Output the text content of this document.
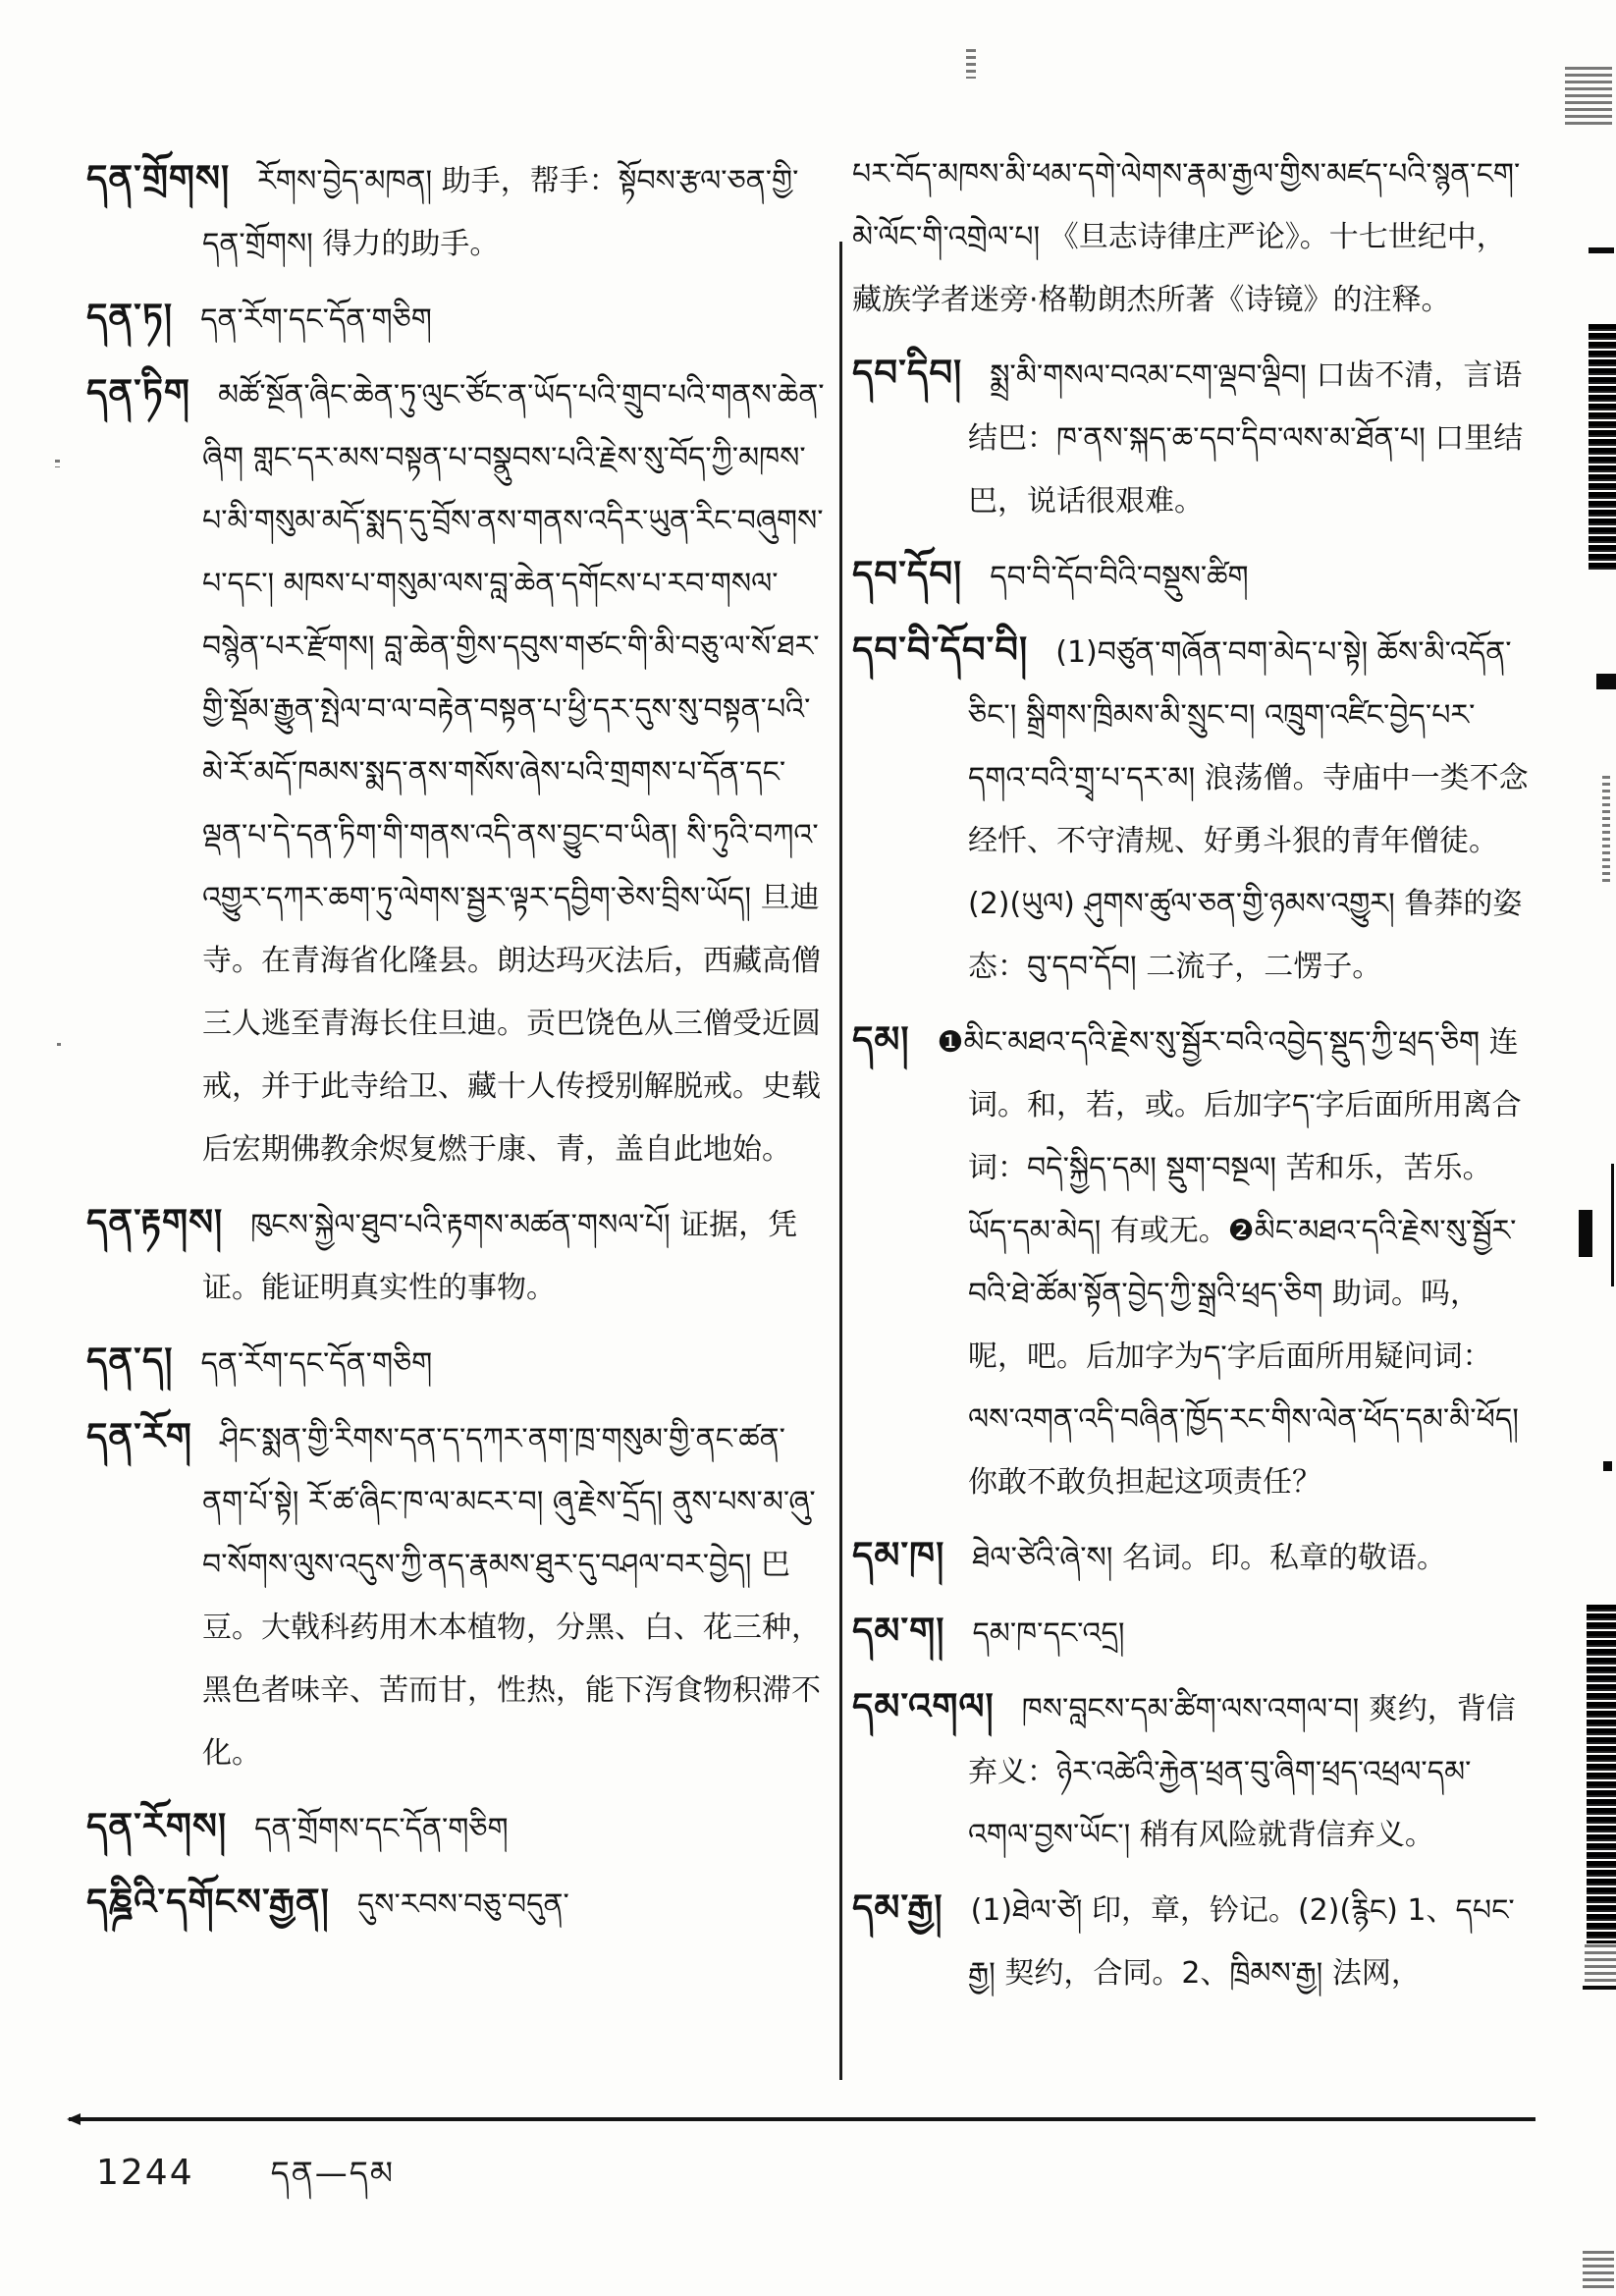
དན་གྲོགས། རོགས་བྱེད་མཁན། 助手，帮手：སྟོབས་རྩལ་ཅན་གྱི་དན་གྲོགས། 得力的助手。

དན་ཏ། དན་རོག་དང་དོན་གཅིག

དན་ཏིག མཚོ་སྔོན་ཞིང་ཆེན་ཏུ་ལུང་ཙོང་ན་ཡོད་པའི་གྲུབ་པའི་གནས་ཆེན་ཞིག གླང་དར་མས་བསྟན་པ་བསྣུབས་པའི་རྗེས་སུ་བོད་ཀྱི་མཁས་པ་མི་གསུམ་མདོ་སྨད་དུ་བྲོས་ནས་གནས་འདིར་ཡུན་རིང་བཞུགས་པ་དང་། མཁས་པ་གསུམ་ལས་བླ་ཆེན་དགོངས་པ་རབ་གསལ་བསྙེན་པར་རྫོགས། བླ་ཆེན་གྱིས་དབུས་གཙང་གི་མི་བཅུ་ལ་སོ་ཐར་གྱི་སྡོམ་རྒྱུན་སྤེལ་བ་ལ་བརྟེན་བསྟན་པ་ཕྱི་དར་དུས་སུ་བསྟན་པའི་མེ་རོ་མདོ་ཁམས་སྨད་ནས་གསོས་ཞེས་པའི་གྲགས་པ་དོན་དང་ལྡན་པ་དེ་དན་ཏིག་གི་གནས་འདི་ནས་བྱུང་བ་ཡིན། སི་ཏུའི་བཀའ་འགྱུར་དཀར་ཆག་ཏུ་ལེགས་སྦྱར་ལྟར་དབྱིག་ཅེས་བྲིས་ཡོད། 旦迪寺。在青海省化隆县。朗达玛灭法后，西藏高僧三人逃至青海长住旦迪。贡巴饶色从三僧受近圆戒，并于此寺给卫、藏十人传授别解脱戒。史载后宏期佛教余烬复燃于康、青，盖自此地始。

དན་རྟགས། ཁུངས་སྐྱེལ་ཐུབ་པའི་རྟགས་མཚན་གསལ་པོ། 证据，凭证。能证明真实性的事物。

དན་ད། དན་རོག་དང་དོན་གཅིག

དན་རོག ཤིང་སྨན་གྱི་རིགས་དན་ད་དཀར་ནག་ཁྲ་གསུམ་གྱི་ནང་ཚན་ནག་པོ་སྟེ། རོ་ཚ་ཞིང་ཁ་ལ་མངར་བ། ཞུ་རྗེས་དྲོད། ནུས་པས་མ་ཞུ་བ་སོགས་ལུས་འདུས་ཀྱི་ནད་རྣམས་ཐུར་དུ་བཤལ་བར་བྱེད། 巴豆。大戟科药用木本植物，分黑、白、花三种，黑色者味辛、苦而甘，性热，能下泻食物积滞不化。

དན་རོགས། དན་གྲོགས་དང་དོན་གཅིག

དཎྜིའི་དགོངས་རྒྱན། དུས་རབས་བཅུ་བདུན་

པར་བོད་མཁས་མི་ཕམ་དགེ་ལེགས་རྣམ་རྒྱལ་གྱིས་མཛད་པའི་སྙན་ངག་མེ་ལོང་གི་འགྲེལ་པ། 《旦志诗律庄严论》。十七世纪中，藏族学者迷旁·格勒朗杰所著《诗镜》的注释。

དབ་དིབ། སྨྲ་མི་གསལ་བའམ་ངག་ལྡབ་ལྡིབ། 口齿不清，言语结巴：ཁ་ནས་སྐད་ཆ་དབ་དིབ་ལས་མ་ཐོན་པ། 口里结巴，说话很艰难。

དབ་དོབ། དབ་བི་དོབ་བིའི་བསྡུས་ཚིག

དབ་བི་དོབ་བི། (1)བཙུན་གཞོན་བག་མེད་པ་སྟེ། ཆོས་མི་འདོན་ཅིང་། སྒྲིགས་ཁྲིམས་མི་སྲུང་བ། འཁྲུག་འཛིང་བྱེད་པར་དགའ་བའི་གྲྭ་པ་དར་མ། 浪荡僧。寺庙中一类不念经忏、不守清规、好勇斗狠的青年僧徒。(2)(ཡུལ) ཤུགས་ཚུལ་ཅན་གྱི་ཉམས་འགྱུར། 鲁莽的姿态：བུ་དབ་དོབ། 二流子，二愣子。

དམ། ❶མིང་མཐའ་དའི་རྗེས་སུ་སྦྱོར་བའི་འབྱེད་སྡུད་ཀྱི་ཕྲད་ཅིག 连词。和，若，或。后加字ད་字后面所用离合词：བདེ་སྐྱིད་དམ། སྡུག་བསྔལ། 苦和乐，苦乐。ཡོད་དམ་མེད། 有或无。❷མིང་མཐའ་དའི་རྗེས་སུ་སྦྱོར་བའི་ཐེ་ཚོམ་སྟོན་བྱེད་ཀྱི་སྒྲའི་ཕྲད་ཅིག 助词。吗，呢，吧。后加字为ད་字后面所用疑问词：ལས་འགན་འདི་བཞིན་ཁྱོད་རང་གིས་ལེན་ཕོད་དམ་མི་ཕོད། 你敢不敢负担起这项责任？

དམ་ཁ། ཐེལ་ཙེའི་ཞེ་ས། 名词。印。私章的敬语。

དམ་ག། དམ་ཁ་དང་འདྲ།

དམ་འགལ། ཁས་བླངས་དམ་ཚིག་ལས་འགལ་བ། 爽约，背信弃义：ཉེར་འཚེའི་རྐྱེན་ཕྲན་བུ་ཞིག་ཕྲད་འཕྲལ་དམ་འགལ་བྱས་ཡོང་། 稍有风险就背信弃义。

དམ་རྒྱ། (1)ཐེལ་ཙེ། 印，章，钤记。(2)(རྙིང) 1、དཔང་རྒྱ། 契约，合同。2、ཁྲིམས་རྒྱ། 法网，

1244 དན—དམ
